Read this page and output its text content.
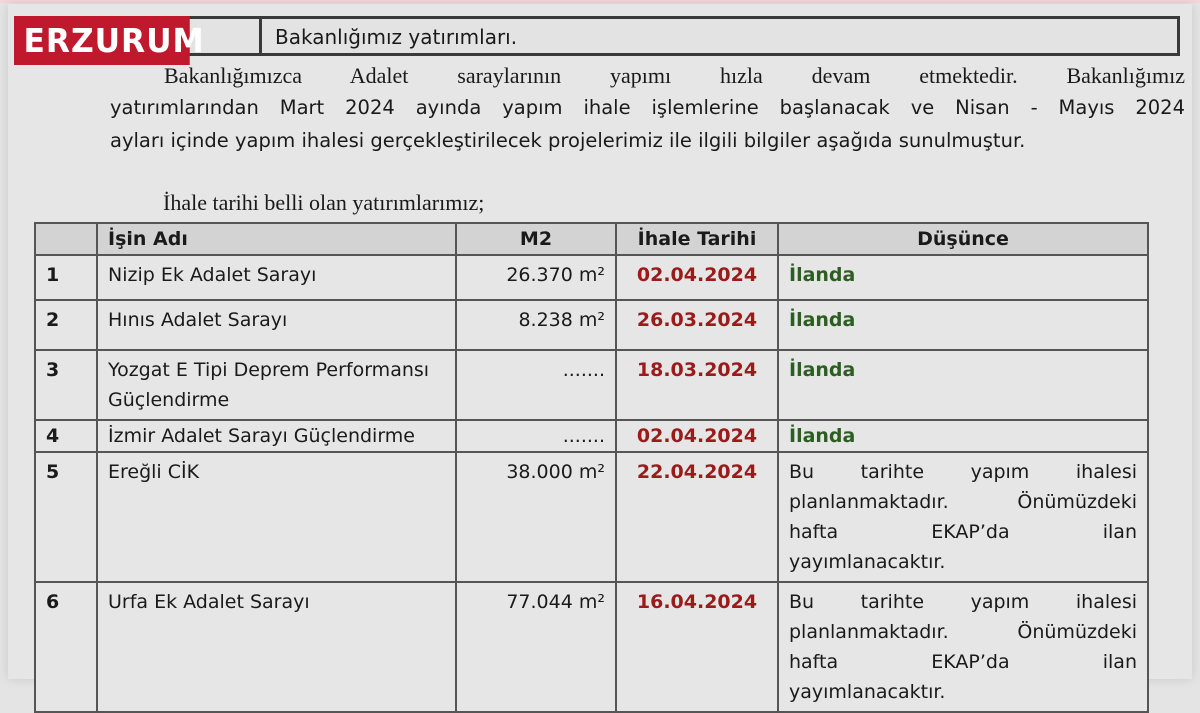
Bakanlığımız yatırımları.
ERZURUM
Bakanlığımızca Adalet saraylarının yapımı hızla devam etmektedir. Bakanlığımız
yatırımlarından Mart 2024 ayında yapım ihale işlemlerine başlanacak ve Nisan - Mayıs 2024
ayları içinde yapım ihalesi gerçekleştirilecek projelerimiz ile ilgili bilgiler aşağıda sunulmuştur.
İhale tarihi belli olan yatırımlarımız;
	İşin Adı	M2	İhale Tarihi	Düşünce
1	Nizip Ek Adalet Sarayı	26.370 m²	02.04.2024	İlanda
2	Hınıs Adalet Sarayı	8.238 m²	26.03.2024	İlanda
3	Yozgat E Tipi Deprem Performansı Güçlendirme	.......	18.03.2024	İlanda
4	İzmir Adalet Sarayı Güçlendirme	.......	02.04.2024	İlanda
5	Ereğli CİK	38.000 m²	22.04.2024	Bu tarihte yapım ihalesi
planlanmaktadır. Önümüzdeki
hafta EKAP’da ilan
yayımlanacaktır.

6	Urfa Ek Adalet Sarayı	77.044 m²	16.04.2024	Bu tarihte yapım ihalesi
planlanmaktadır. Önümüzdeki
hafta EKAP’da ilan
yayımlanacaktır.
